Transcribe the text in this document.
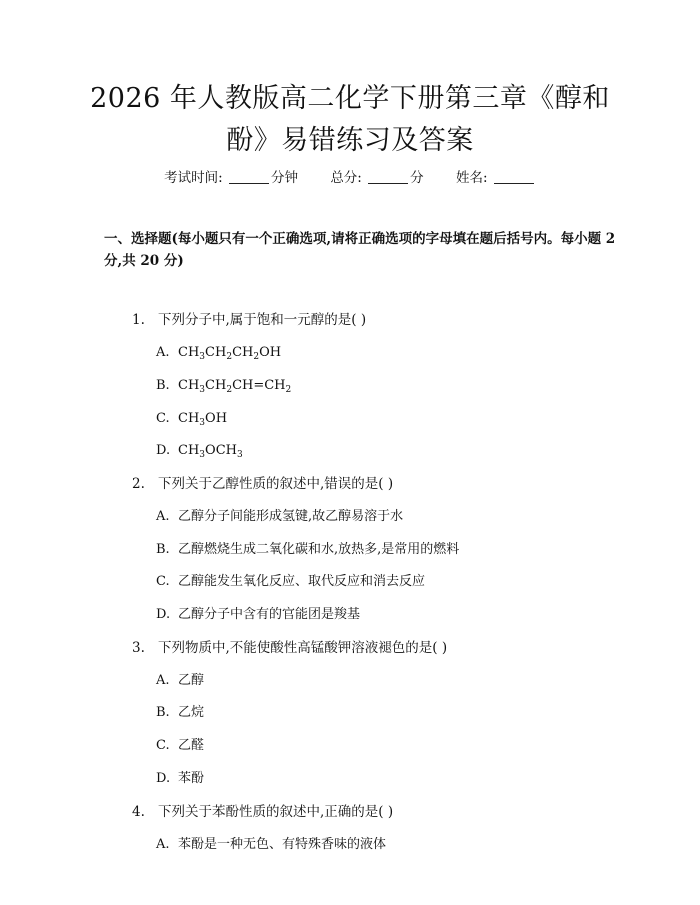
2026 年人教版高二化学下册第三章《醇和
酚》易错练习及答案
考试时间:	分钟 总分:	分 姓名:
一、选择题(每小题只有一个正确选项,请将正确选项的字母填在题后括号内。每小题 2 分,共 20 分)
1. 下列分子中,属于饱和一元醇的是( )
A. $CH_3CH_2CH_2OH$
B. $CH_3CH_2CH=CH_2$
C. $CH_3OH$
D. $CH_3OCH_3$
2. 下列关于乙醇性质的叙述中,错误的是( )
A. 乙醇分子间能形成氢键,故乙醇易溶于水
B. 乙醇燃烧生成二氧化碳和水,放热多,是常用的燃料
C. 乙醇能发生氧化反应、取代反应和消去反应
D. 乙醇分子中含有的官能团是羧基
3. 下列物质中,不能使酸性高锰酸钾溶液褪色的是( )
A. 乙醇
B. 乙烷
C. 乙醛
D. 苯酚
4. 下列关于苯酚性质的叙述中,正确的是( )
A. 苯酚是一种无色、有特殊香味的液体
